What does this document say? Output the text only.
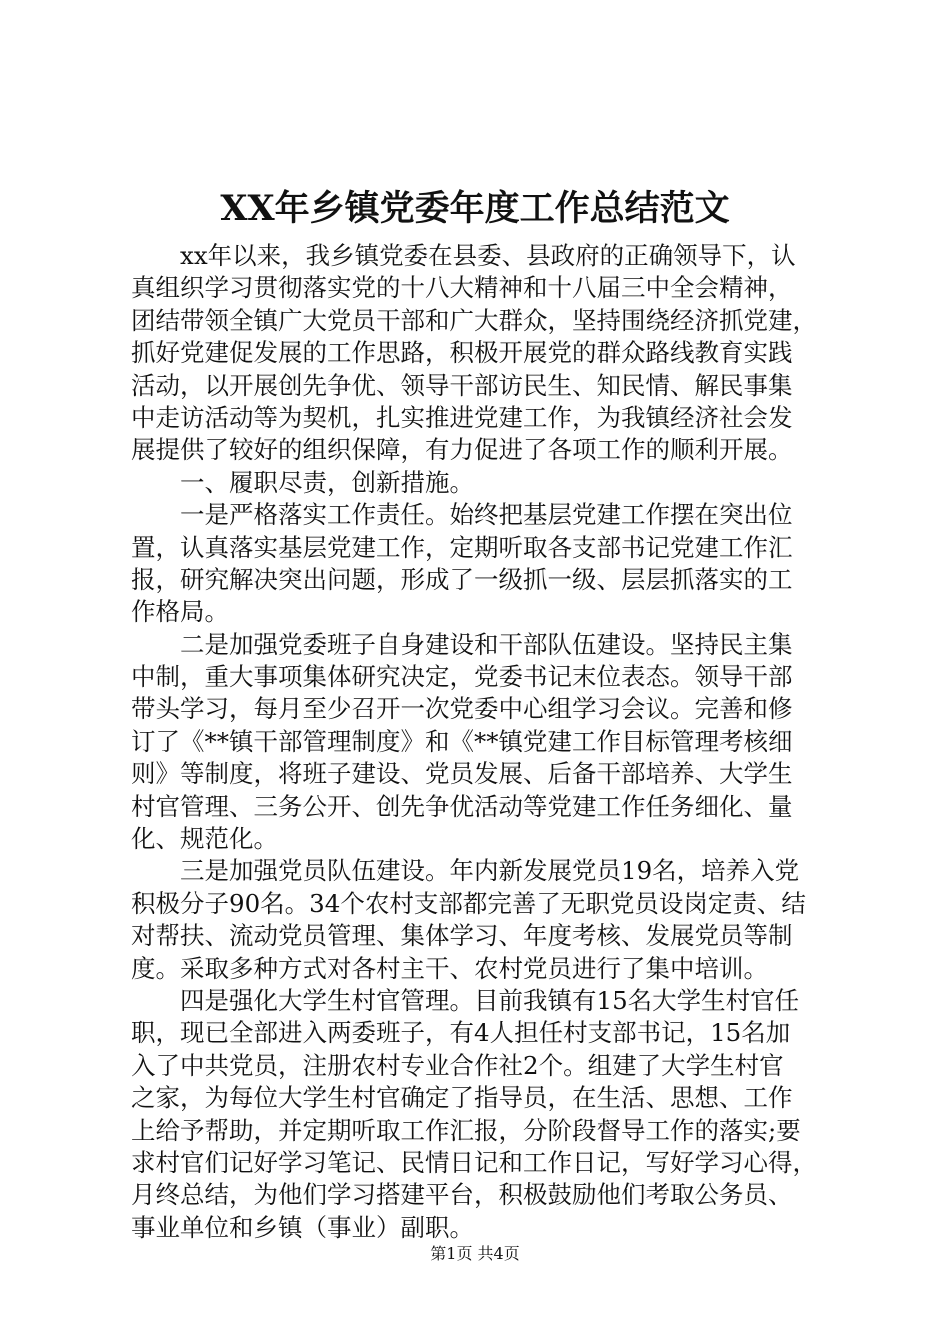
XX年乡镇党委年度工作总结范文
xx年以来，我乡镇党委在县委、县政府的正确领导下，认
真组织学习贯彻落实党的十八大精神和十八届三中全会精神，
团结带领全镇广大党员干部和广大群众，坚持围绕经济抓党建，
抓好党建促发展的工作思路，积极开展党的群众路线教育实践
活动，以开展创先争优、领导干部访民生、知民情、解民事集
中走访活动等为契机，扎实推进党建工作，为我镇经济社会发
展提供了较好的组织保障，有力促进了各项工作的顺利开展。
一、履职尽责，创新措施。
一是严格落实工作责任。始终把基层党建工作摆在突出位
置，认真落实基层党建工作，定期听取各支部书记党建工作汇
报，研究解决突出问题，形成了一级抓一级、层层抓落实的工
作格局。
二是加强党委班子自身建设和干部队伍建设。坚持民主集
中制，重大事项集体研究决定，党委书记末位表态。领导干部
带头学习，每月至少召开一次党委中心组学习会议。完善和修
订了《**镇干部管理制度》和《**镇党建工作目标管理考核细
则》等制度，将班子建设、党员发展、后备干部培养、大学生
村官管理、三务公开、创先争优活动等党建工作任务细化、量
化、规范化。
三是加强党员队伍建设。年内新发展党员19名，培养入党
积极分子90名。34个农村支部都完善了无职党员设岗定责、结
对帮扶、流动党员管理、集体学习、年度考核、发展党员等制
度。采取多种方式对各村主干、农村党员进行了集中培训。
四是强化大学生村官管理。目前我镇有15名大学生村官任
职，现已全部进入两委班子，有4人担任村支部书记，15名加
入了中共党员，注册农村专业合作社2个。组建了大学生村官
之家，为每位大学生村官确定了指导员，在生活、思想、工作
上给予帮助，并定期听取工作汇报，分阶段督导工作的落实;要
求村官们记好学习笔记、民情日记和工作日记，写好学习心得，
月终总结，为他们学习搭建平台，积极鼓励他们考取公务员、
事业单位和乡镇（事业）副职。
第1页 共4页
